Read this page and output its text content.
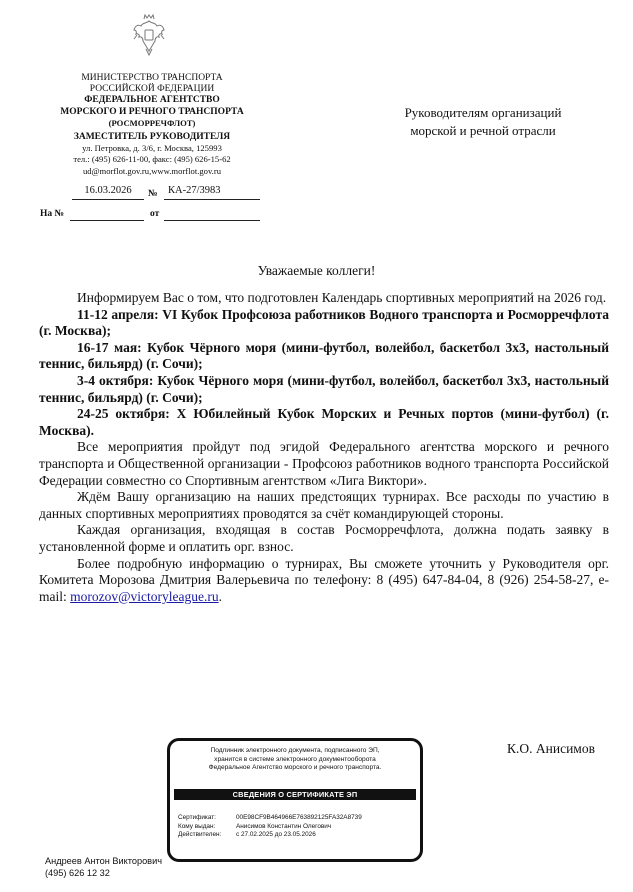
МИНИСТЕРСТВО ТРАНСПОРТА
РОССИЙСКОЙ ФЕДЕРАЦИИ
ФЕДЕРАЛЬНОЕ АГЕНТСТВО
МОРСКОГО И РЕЧНОГО ТРАНСПОРТА
(РОСМОРРЕЧФЛОТ)
ЗАМЕСТИТЕЛЬ РУКОВОДИТЕЛЯ
ул. Петровка, д. 3/6, г. Москва, 125993
тел.: (495) 626-11-00, факс: (495) 626-15-62
ud@morflot.gov.ru,www.morflot.gov.ru
16.03.2026	№ КА-27/3983
На №	от
Руководителям организаций
морской и речной отрасли
Уважаемые коллеги!

Информируем Вас о том, что подготовлен Календарь спортивных мероприятий на 2026 год.

11-12 апреля: VI Кубок Профсоюза работников Водного транспорта и Росморречфлота (г. Москва);

16-17 мая: Кубок Чёрного моря (мини-футбол, волейбол, баскетбол 3х3, настольный теннис, бильярд) (г. Сочи);

3-4 октября: Кубок Чёрного моря (мини-футбол, волейбол, баскетбол 3х3, настольный теннис, бильярд) (г. Сочи);

24-25 октября: X Юбилейный Кубок Морских и Речных портов (мини-футбол) (г. Москва).

Все мероприятия пройдут под эгидой Федерального агентства морского и речного транспорта и Общественной организации - Профсоюз работников водного транспорта Российской Федерации совместно со Спортивным агентством «Лига Виктори».

Ждём Вашу организацию на наших предстоящих турнирах. Все расходы по участию в данных спортивных мероприятиях проводятся за счёт командирующей стороны.

Каждая организация, входящая в состав Росморречфлота, должна подать заявку в установленной форме и оплатить орг. взнос.

Более подробную информацию о турнирах, Вы сможете уточнить у Руководителя орг. Комитета Морозова Дмитрия Валерьевича по телефону: 8 (495) 647-84-04, 8 (926) 254-58-27, e-mail: morozov@victoryleague.ru.

Подлинник электронного документа, подписанного ЭП,
хранится в системе электронного документооборота
Федеральное Агентство морского и речного транспорта.
СВЕДЕНИЯ О СЕРТИФИКАТЕ ЭП
Сертификат:	00E98CF9B464966E763892125FA32A8739
Кому выдан:	Анисимов Константин Олегович
Действителен: с 27.02.2025 до 23.05.2026
К.О. Анисимов
Андреев Антон Викторович
(495) 626 12 32
